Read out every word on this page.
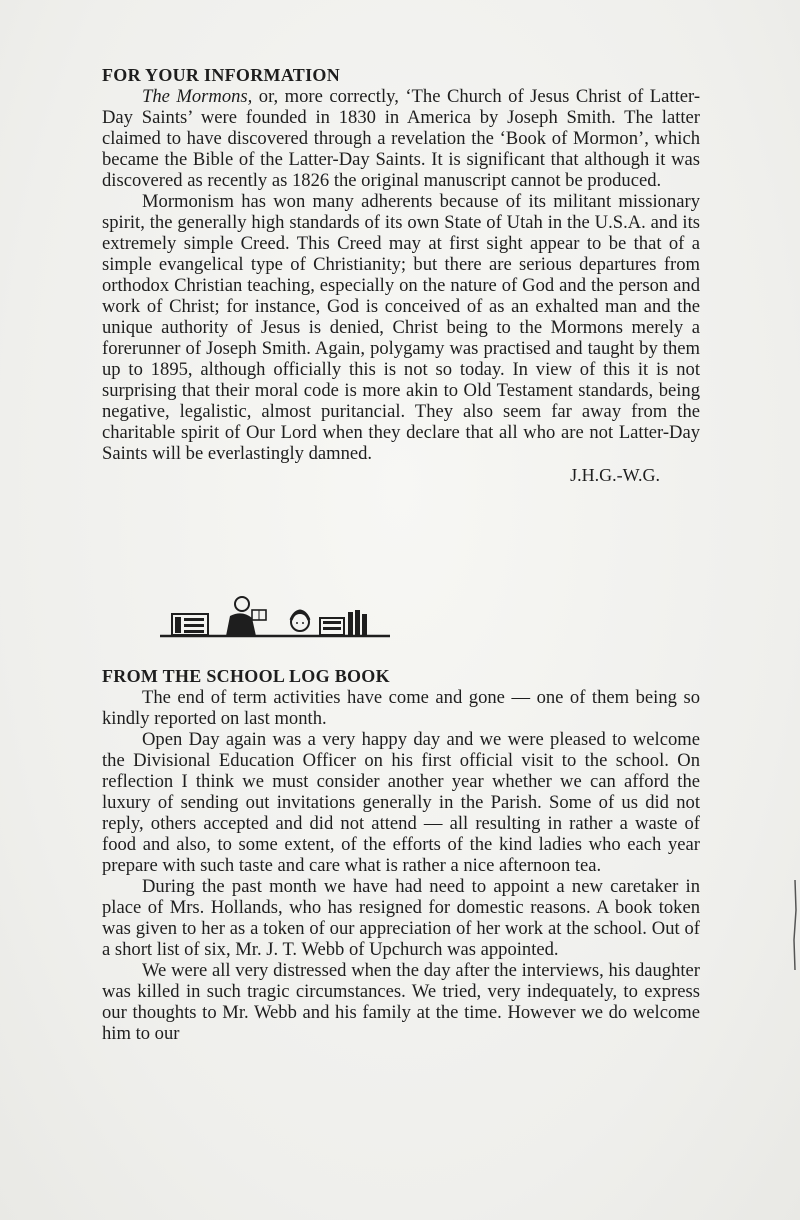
FOR YOUR INFORMATION

The Mormons, or, more correctly, ‘The Church of Jesus Christ of Latter-Day Saints’ were founded in 1830 in America by Joseph Smith. The latter claimed to have discovered through a revelation the ‘Book of Mormon’, which became the Bible of the Latter-Day Saints. It is significant that although it was discovered as recently as 1826 the original manuscript cannot be produced.

Mormonism has won many adherents because of its militant missionary spirit, the generally high standards of its own State of Utah in the U.S.A. and its extremely simple Creed. This Creed may at first sight appear to be that of a simple evangelical type of Christianity; but there are serious departures from orthodox Christian teaching, especially on the nature of God and the person and work of Christ; for instance, God is conceived of as an exhalted man and the unique authority of Jesus is denied, Christ being to the Mormons merely a forerunner of Joseph Smith. Again, polygamy was practised and taught by them up to 1895, although officially this is not so today. In view of this it is not surprising that their moral code is more akin to Old Testament standards, being negative, legalistic, almost puritancial. They also seem far away from the charitable spirit of Our Lord when they declare that all who are not Latter-Day Saints will be everlastingly damned.

J.H.G.-W.G.

FROM THE SCHOOL LOG BOOK

The end of term activities have come and gone — one of them being so kindly reported on last month.

Open Day again was a very happy day and we were pleased to welcome the Divisional Education Officer on his first official visit to the school. On reflection I think we must consider another year whether we can afford the luxury of sending out invitations generally in the Parish. Some of us did not reply, others accepted and did not attend — all resulting in rather a waste of food and also, to some extent, of the efforts of the kind ladies who each year prepare with such taste and care what is rather a nice afternoon tea.

During the past month we have had need to appoint a new caretaker in place of Mrs. Hollands, who has resigned for domestic reasons. A book token was given to her as a token of our appreciation of her work at the school. Out of a short list of six, Mr. J. T. Webb of Upchurch was appointed.

We were all very distressed when the day after the interviews, his daughter was killed in such tragic circumstances. We tried, very indequately, to express our thoughts to Mr. Webb and his family at the time. However we do welcome him to our
